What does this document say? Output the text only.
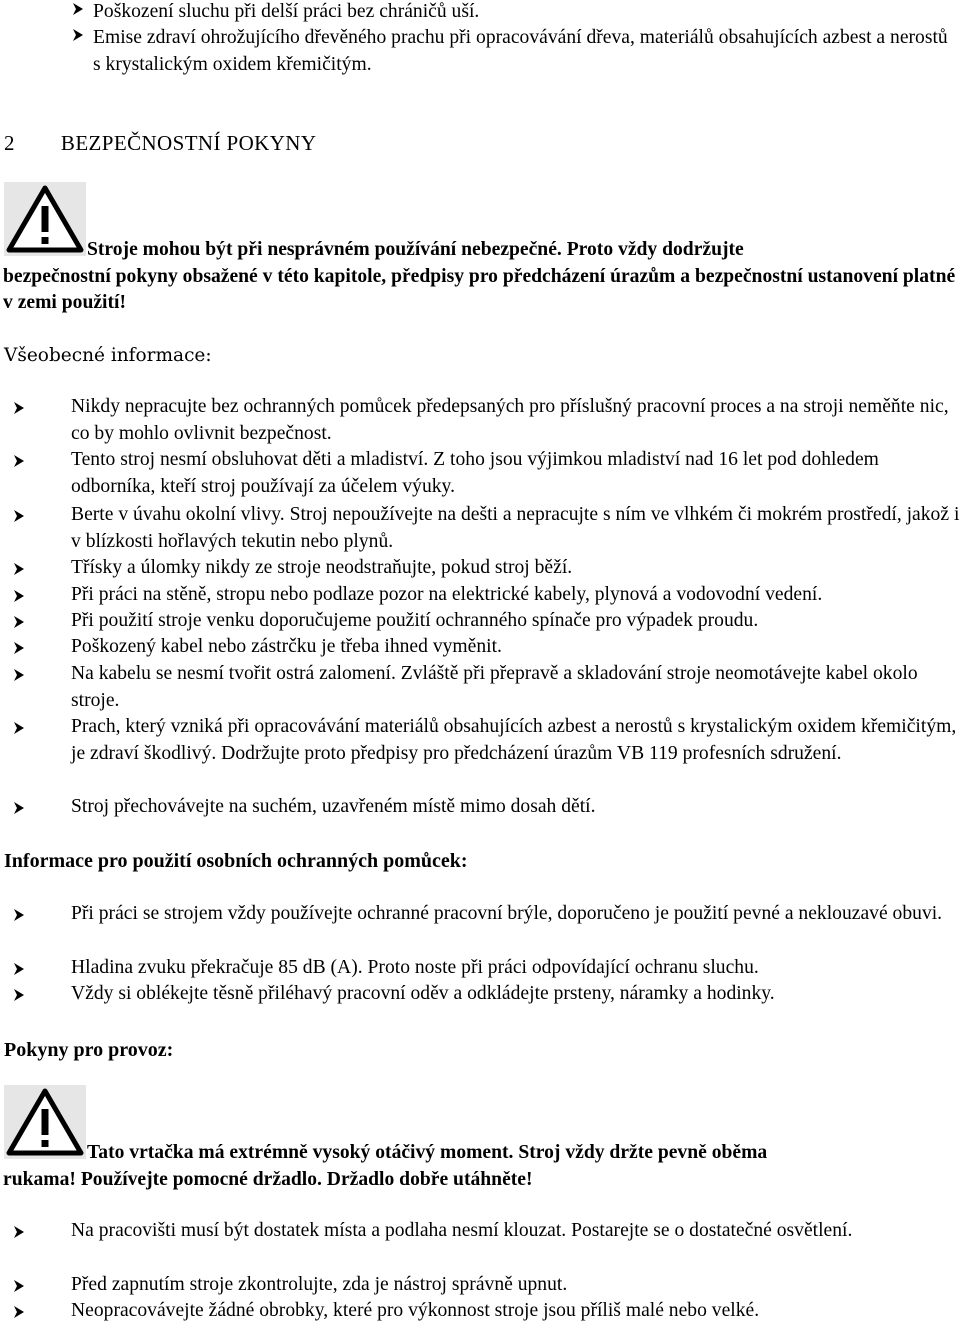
Poškození sluchu při delší práci bez chráničů uší.
Emise zdraví ohrožujícího dřevěného prachu při opracovávání dřeva, materiálů obsahujících azbest a nerostů s krystalickým oxidem křemičitým.
2 BEZPEČNOSTNÍ POKYNY
Stroje mohou být při nesprávném používání nebezpečné. Proto vždy dodržujte
bezpečnostní pokyny obsažené v této kapitole, předpisy pro předcházení úrazům a bezpečnostní ustanovení platné v zemi použití!
Všeobecné informace:
Nikdy nepracujte bez ochranných pomůcek předepsaných pro příslušný pracovní proces a na stroji neměňte nic, co by mohlo ovlivnit bezpečnost.
Tento stroj nesmí obsluhovat děti a mladiství. Z toho jsou výjimkou mladiství nad 16 let pod dohledem odborníka, kteří stroj používají za účelem výuky.
Berte v úvahu okolní vlivy. Stroj nepoužívejte na dešti a nepracujte s ním ve vlhkém či mokrém prostředí, jakož i v blízkosti hořlavých tekutin nebo plynů.
Třísky a úlomky nikdy ze stroje neodstraňujte, pokud stroj běží.
Při práci na stěně, stropu nebo podlaze pozor na elektrické kabely, plynová a vodovodní vedení.
Při použití stroje venku doporučujeme použití ochranného spínače pro výpadek proudu.
Poškozený kabel nebo zástrčku je třeba ihned vyměnit.
Na kabelu se nesmí tvořit ostrá zalomení. Zvláště při přepravě a skladování stroje neomotávejte kabel okolo stroje.
Prach, který vzniká při opracovávání materiálů obsahujících azbest a nerostů s krystalickým oxidem křemičitým, je zdraví škodlivý. Dodržujte proto předpisy pro předcházení úrazům VB 119 profesních sdružení.
Stroj přechovávejte na suchém, uzavřeném místě mimo dosah dětí.
Informace pro použití osobních ochranných pomůcek:
Při práci se strojem vždy používejte ochranné pracovní brýle, doporučeno je použití pevné a neklouzavé obuvi.
Hladina zvuku překračuje 85 dB (A). Proto noste při práci odpovídající ochranu sluchu.
Vždy si oblékejte těsně přiléhavý pracovní oděv a odkládejte prsteny, náramky a hodinky.
Pokyny pro provoz:
Tato vrtačka má extrémně vysoký otáčivý moment. Stroj vždy držte pevně oběma
rukama! Používejte pomocné držadlo. Držadlo dobře utáhněte!
Na pracovišti musí být dostatek místa a podlaha nesmí klouzat. Postarejte se o dostatečné osvětlení.
Před zapnutím stroje zkontrolujte, zda je nástroj správně upnut.
Neopracovávejte žádné obrobky, které pro výkonnost stroje jsou příliš malé nebo velké.
